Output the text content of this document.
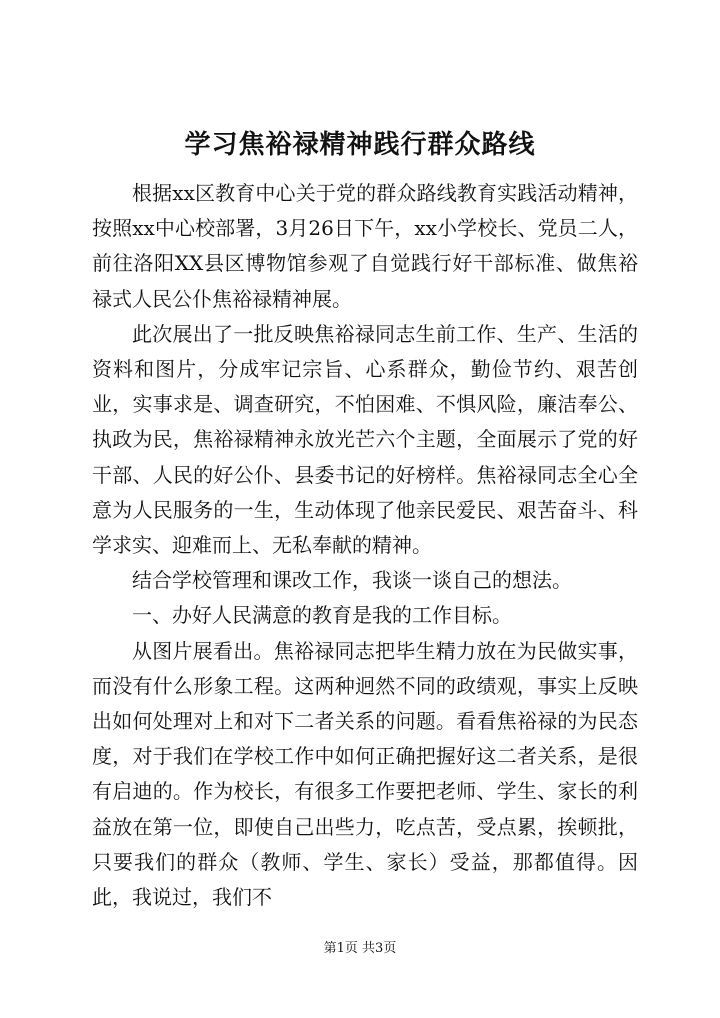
学习焦裕禄精神践行群众路线

根据xx区教育中心关于党的群众路线教育实践活动精神，按照xx中心校部署，3月26日下午，xx小学校长、党员二人，前往洛阳XX县区博物馆参观了自觉践行好干部标准、做焦裕禄式人民公仆焦裕禄精神展。

此次展出了一批反映焦裕禄同志生前工作、生产、生活的资料和图片，分成牢记宗旨、心系群众，勤俭节约、艰苦创业，实事求是、调查研究，不怕困难、不惧风险，廉洁奉公、执政为民，焦裕禄精神永放光芒六个主题，全面展示了党的好干部、人民的好公仆、县委书记的好榜样。焦裕禄同志全心全意为人民服务的一生，生动体现了他亲民爱民、艰苦奋斗、科学求实、迎难而上、无私奉献的精神。

结合学校管理和课改工作，我谈一谈自己的想法。

一、办好人民满意的教育是我的工作目标。

从图片展看出。焦裕禄同志把毕生精力放在为民做实事，而没有什么形象工程。这两种迥然不同的政绩观，事实上反映出如何处理对上和对下二者关系的问题。看看焦裕禄的为民态度，对于我们在学校工作中如何正确把握好这二者关系，是很有启迪的。作为校长，有很多工作要把老师、学生、家长的利益放在第一位，即使自己出些力，吃点苦，受点累，挨顿批，只要我们的群众（教师、学生、家长）受益，那都值得。因此，我说过，我们不

第1页 共3页
